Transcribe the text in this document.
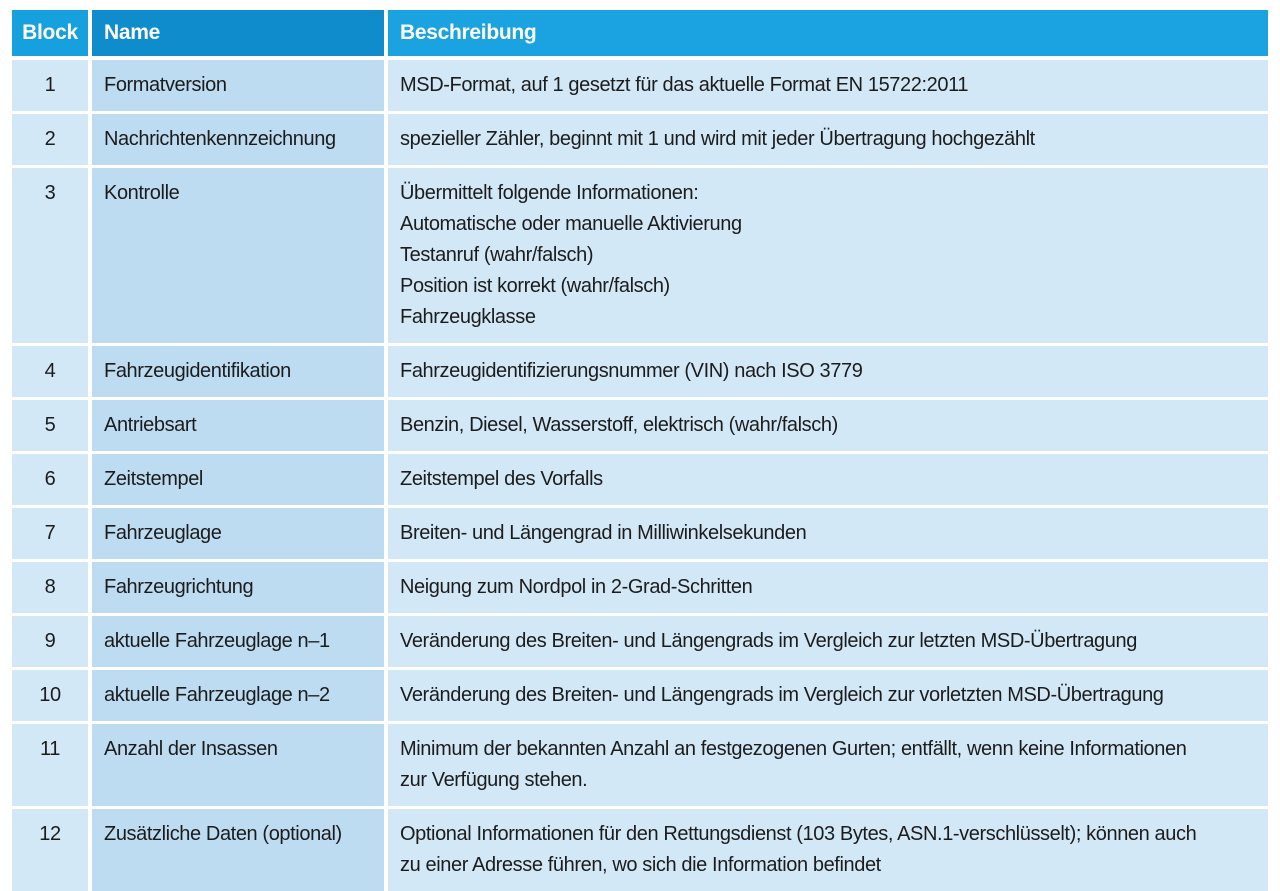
Block	Name	Beschreibung
1	Formatversion	MSD-Format, auf 1 gesetzt für das aktuelle Format EN 15722:2011

2	Nachrichtenkennzeichnung	spezieller Zähler, beginnt mit 1 und wird mit jeder Übertragung hochgezählt

3	Kontrolle	Übermittelt folgende Informationen:
Automatische oder manuelle Aktivierung
Testanruf (wahr/falsch)
Position ist korrekt (wahr/falsch)
Fahrzeugklasse

4	Fahrzeugidentifikation	Fahrzeugidentifizierungsnummer (VIN) nach ISO 3779

5	Antriebsart	Benzin, Diesel, Wasserstoff, elektrisch (wahr/falsch)

6	Zeitstempel	Zeitstempel des Vorfalls

7	Fahrzeuglage	Breiten- und Längengrad in Milliwinkelsekunden

8	Fahrzeugrichtung	Neigung zum Nordpol in 2-Grad-Schritten

9	aktuelle Fahrzeuglage n–1	Veränderung des Breiten- und Längengrads im Vergleich zur letzten MSD-Übertragung

10	aktuelle Fahrzeuglage n–2	Veränderung des Breiten- und Längengrads im Vergleich zur vorletzten MSD-Übertragung

11	Anzahl der Insassen	Minimum der bekannten Anzahl an festgezogenen Gurten; entfällt, wenn keine Informationen
zur Verfügung stehen.

12	Zusätzliche Daten (optional)	Optional Informationen für den Rettungsdienst (103 Bytes, ASN.1-verschlüsselt); können auch
zu einer Adresse führen, wo sich die Information befindet
